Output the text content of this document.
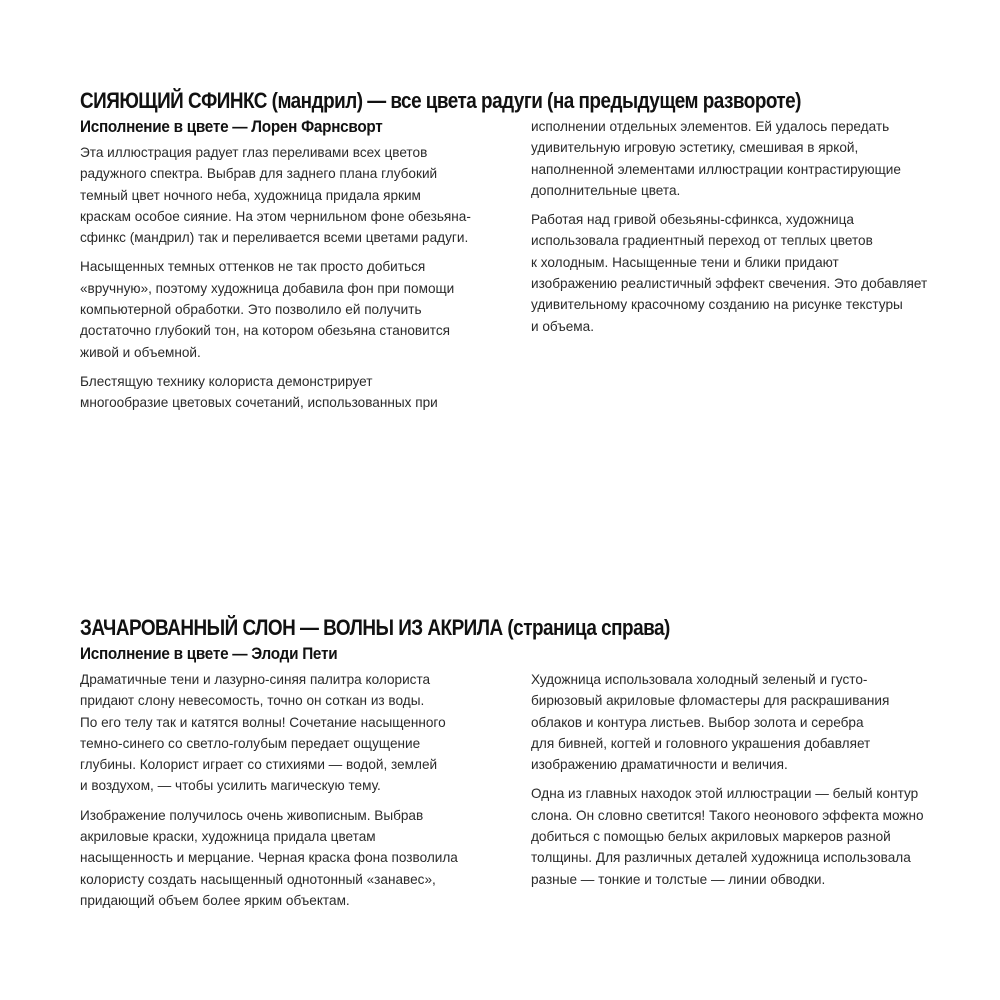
СИЯЮЩИЙ СФИНКС (мандрил) — все цвета радуги (на предыдущем развороте)
Исполнение в цвете — Лорен Фарнсворт

Эта иллюстрация радует глаз переливами всех цветов
радужного спектра. Выбрав для заднего плана глубокий
темный цвет ночного неба, художница придала ярким
краскам особое сияние. На этом чернильном фоне обезьяна-
сфинкс (мандрил) так и переливается всеми цветами радуги.

Насыщенных темных оттенков не так просто добиться
«вручную», поэтому художница добавила фон при помощи
компьютерной обработки. Это позволило ей получить
достаточно глубокий тон, на котором обезьяна становится
живой и объемной.

Блестящую технику колориста демонстрирует
многообразие цветовых сочетаний, использованных при

исполнении отдельных элементов. Ей удалось передать
удивительную игровую эстетику, смешивая в яркой,
наполненной элементами иллюстрации контрастирующие
дополнительные цвета.

Работая над гривой обезьяны-сфинкса, художница
использовала градиентный переход от теплых цветов
к холодным. Насыщенные тени и блики придают
изображению реалистичный эффект свечения. Это добавляет
удивительному красочному созданию на рисунке текстуры
и объема.

ЗАЧАРОВАННЫЙ СЛОН — ВОЛНЫ ИЗ АКРИЛА (страница справа)
Исполнение в цвете — Элоди Пети

Драматичные тени и лазурно-синяя палитра колориста
придают слону невесомость, точно он соткан из воды.
По его телу так и катятся волны! Сочетание насыщенного
темно-синего со светло-голубым передает ощущение
глубины. Колорист играет со стихиями — водой, землей
и воздухом, — чтобы усилить магическую тему.

Изображение получилось очень живописным. Выбрав
акриловые краски, художница придала цветам
насыщенность и мерцание. Черная краска фона позволила
колористу создать насыщенный однотонный «занавес»,
придающий объем более ярким объектам.

Художница использовала холодный зеленый и густо-
бирюзовый акриловые фломастеры для раскрашивания
облаков и контура листьев. Выбор золота и серебра
для бивней, когтей и головного украшения добавляет
изображению драматичности и величия.

Одна из главных находок этой иллюстрации — белый контур
слона. Он словно светится! Такого неонового эффекта можно
добиться с помощью белых акриловых маркеров разной
толщины. Для различных деталей художница использовала
разные — тонкие и толстые — линии обводки.
